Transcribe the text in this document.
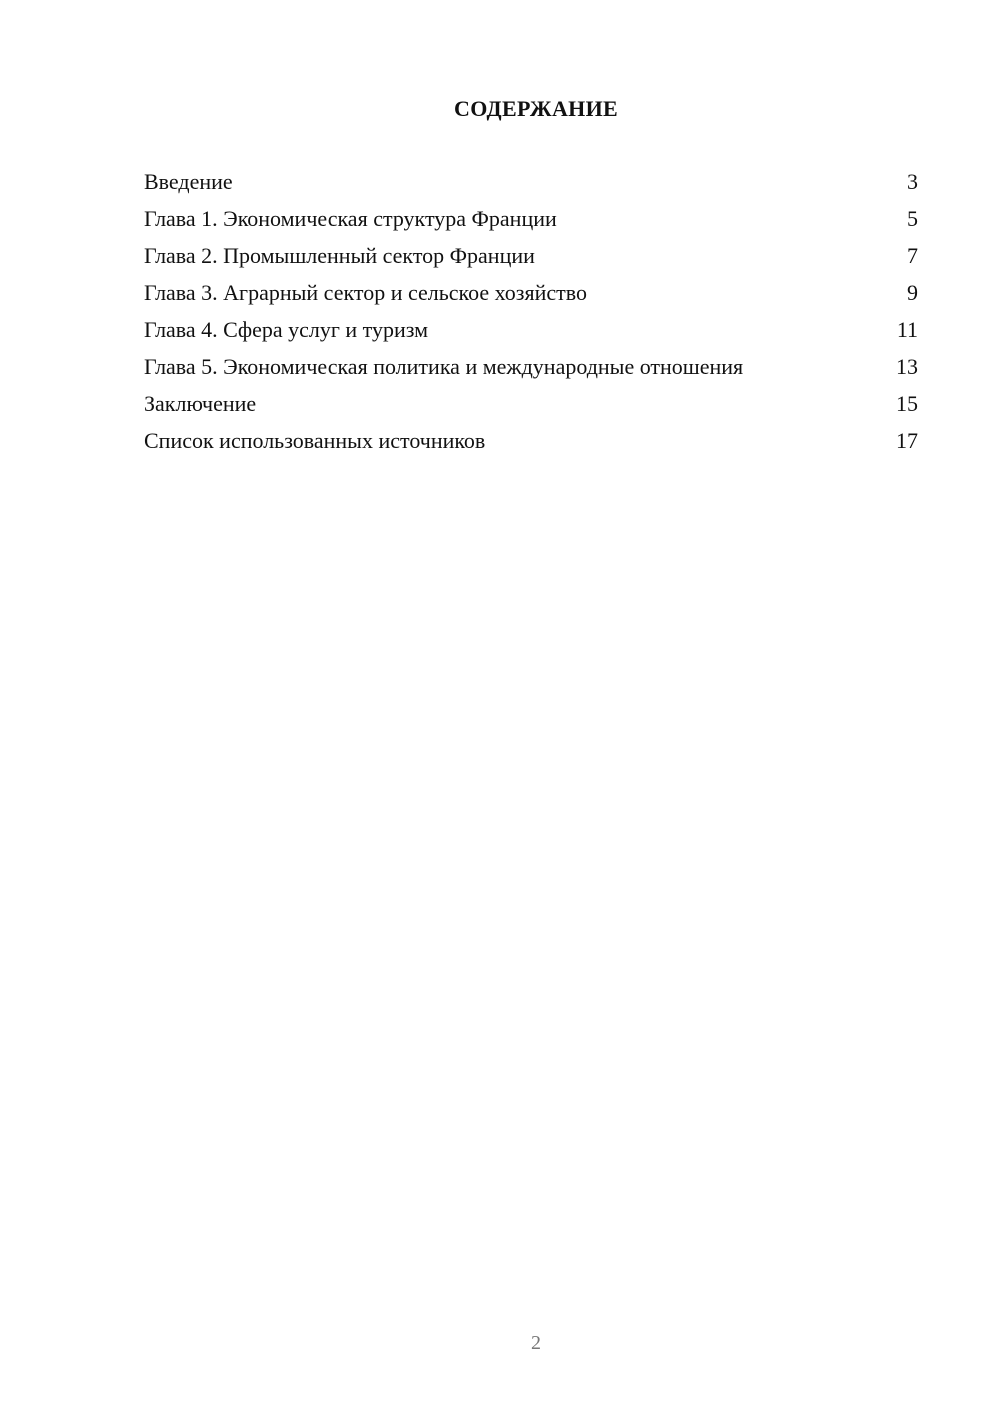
СОДЕРЖАНИЕ
Введение	3
Глава 1. Экономическая структура Франции	5
Глава 2. Промышленный сектор Франции	7
Глава 3. Аграрный сектор и сельское хозяйство	9
Глава 4. Сфера услуг и туризм	11
Глава 5. Экономическая политика и международные отношения	13
Заключение	15
Список использованных источников	17
2
